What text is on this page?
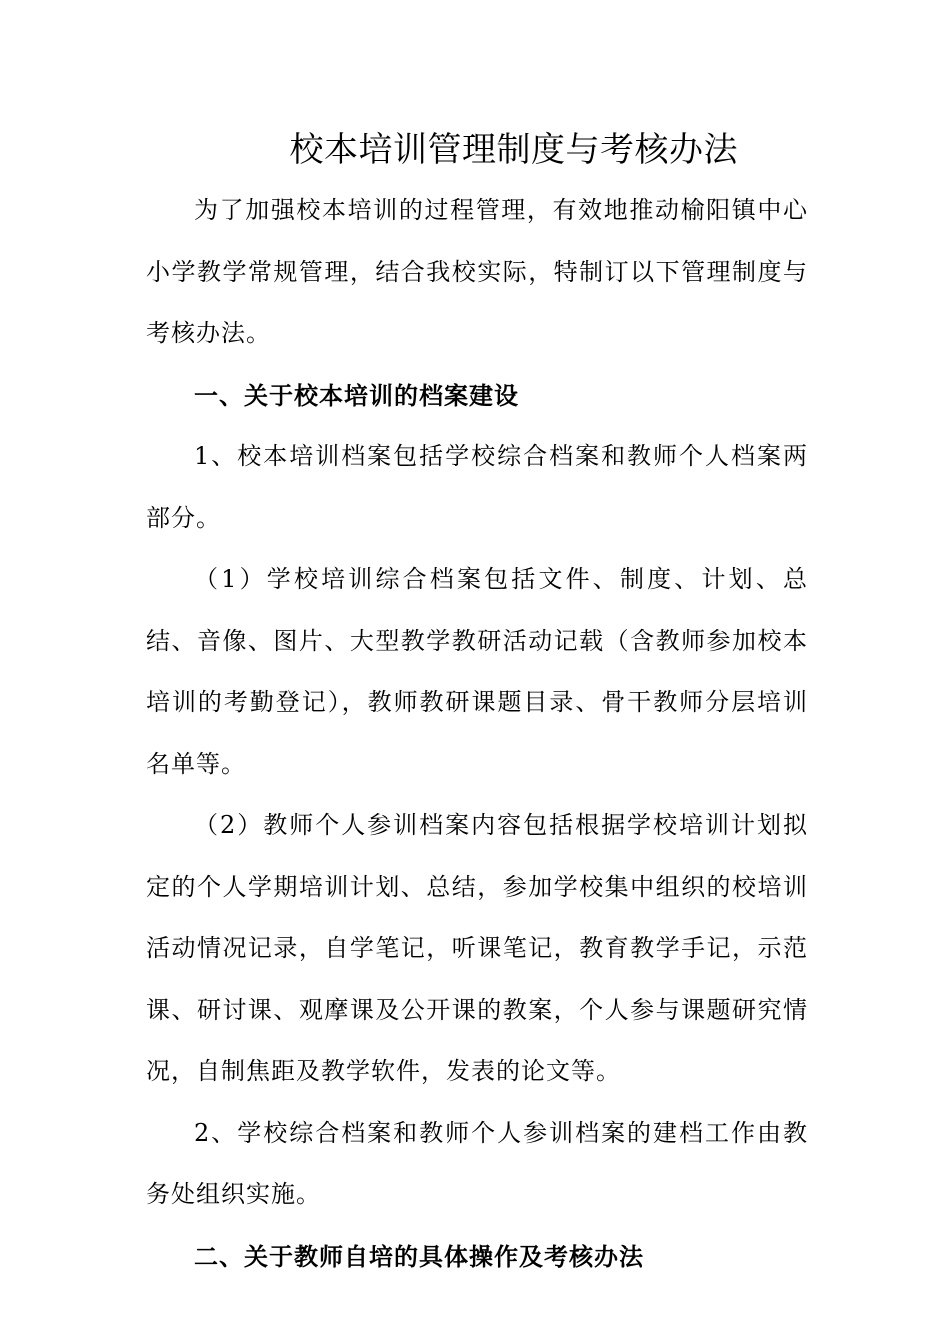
校本培训管理制度与考核办法

为了加强校本培训的过程管理，有效地推动榆阳镇中心小学教学常规管理，结合我校实际，特制订以下管理制度与考核办法。

一、关于校本培训的档案建设

1、校本培训档案包括学校综合档案和教师个人档案两部分。

（1）学校培训综合档案包括文件、制度、计划、总结、音像、图片、大型教学教研活动记载（含教师参加校本培训的考勤登记），教师教研课题目录、骨干教师分层培训名单等。

（2）教师个人参训档案内容包括根据学校培训计划拟定的个人学期培训计划、总结，参加学校集中组织的校培训活动情况记录，自学笔记，听课笔记，教育教学手记，示范课、研讨课、观摩课及公开课的教案，个人参与课题研究情况，自制焦距及教学软件，发表的论文等。

2、学校综合档案和教师个人参训档案的建档工作由教务处组织实施。

二、关于教师自培的具体操作及考核办法
